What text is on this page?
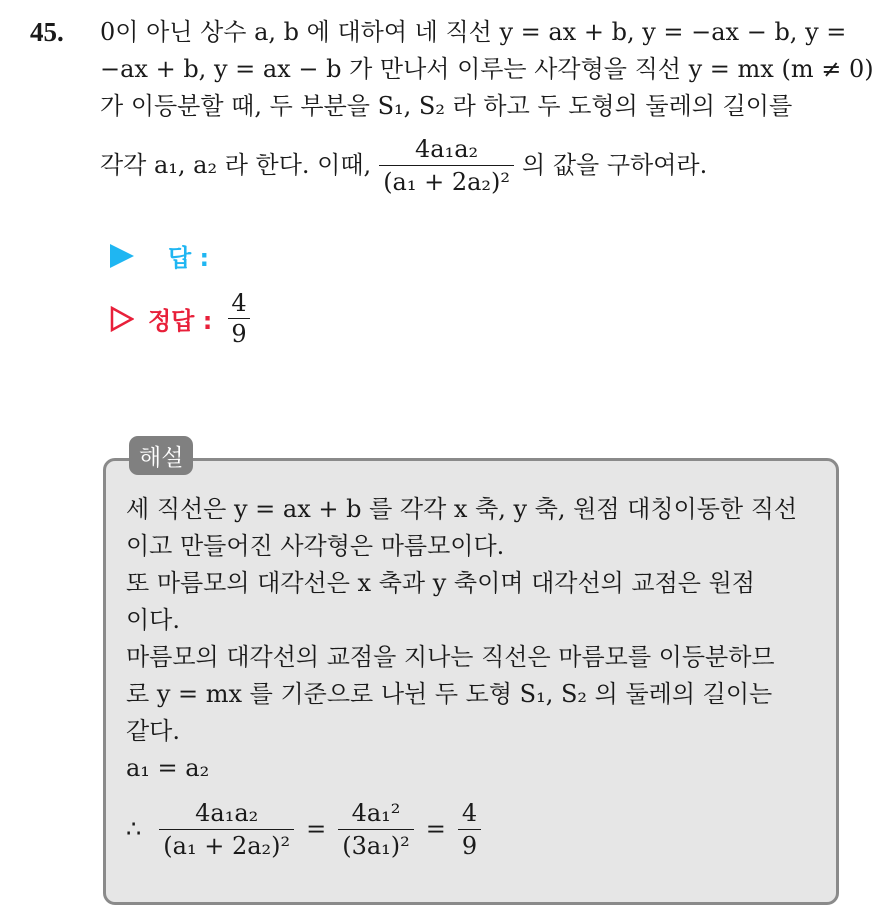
45. 0이 아닌 상수 a, b 에 대하여 네 직선 y = ax + b, y = −ax − b, y =
−ax + b, y = ax − b 가 만나서 이루는 사각형을 직선 y = mx (m ≠ 0)
가 이등분할 때, 두 부분을 S₁, S₂ 라 하고 두 도형의 둘레의 길이를
각각 a₁, a₂ 라 한다. 이때, $\frac{\text{4a₁a₂}}{\text{(a₁ + 2a₂)²}}$ 의 값을 구하여라.
답 :
정답 : $\frac{4}{9}$
해설
세 직선은 y = ax + b 를 각각 x 축, y 축, 원점 대칭이동한 직선
이고 만들어진 사각형은 마름모이다.
또 마름모의 대각선은 x 축과 y 축이며 대각선의 교점은 원점
이다.
마름모의 대각선의 교점을 지나는 직선은 마름모를 이등분하므
로 y = mx 를 기준으로 나뉜 두 도형 S₁, S₂ 의 둘레의 길이는
같다.
a₁ = a₂
∴ $\frac{\text{4a₁a₂}}{\text{(a₁ + 2a₂)²}} = \frac{\text{4a₁²}}{\text{(3a₁)²}} = \frac{4}{9}$
